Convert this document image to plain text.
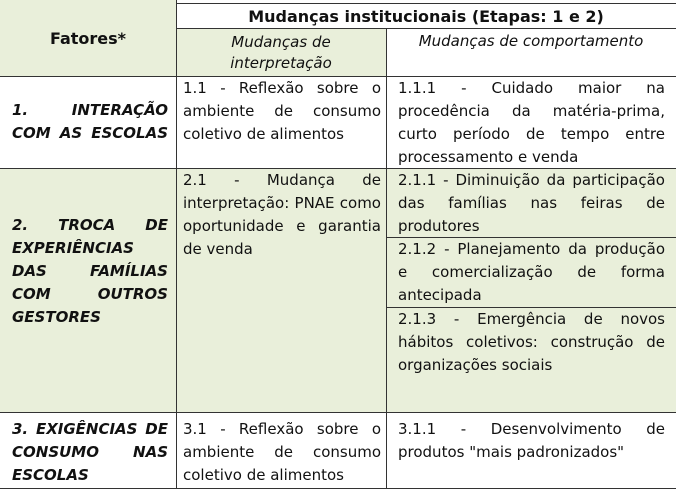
Fatores*
Mudanças institucionais (Etapas: 1 e 2)
Mudanças de interpretação
Mudanças de comportamento

1. INTERAÇÃO COM AS ESCOLAS

1.1 - Reflexão sobre o ambiente de consumo coletivo de alimentos

1.1.1 - Cuidado maior na procedência da matéria-prima, curto período de tempo entre processamento e venda

2. TROCA DE EXPERIÊNCIAS DAS FAMÍLIAS COM OUTROS GESTORES

2.1 - Mudança de interpretação: PNAE como oportunidade e garantia de venda

2.1.1 - Diminuição da participação das famílias nas feiras de produtores

2.1.2 - Planejamento da produção e comercialização de forma antecipada

2.1.3 - Emergência de novos hábitos coletivos: construção de organizações sociais

3. EXIGÊNCIAS DE CONSUMO NAS ESCOLAS

3.1 - Reflexão sobre o ambiente de consumo coletivo de alimentos

3.1.1 - Desenvolvimento de produtos "mais padronizados"
